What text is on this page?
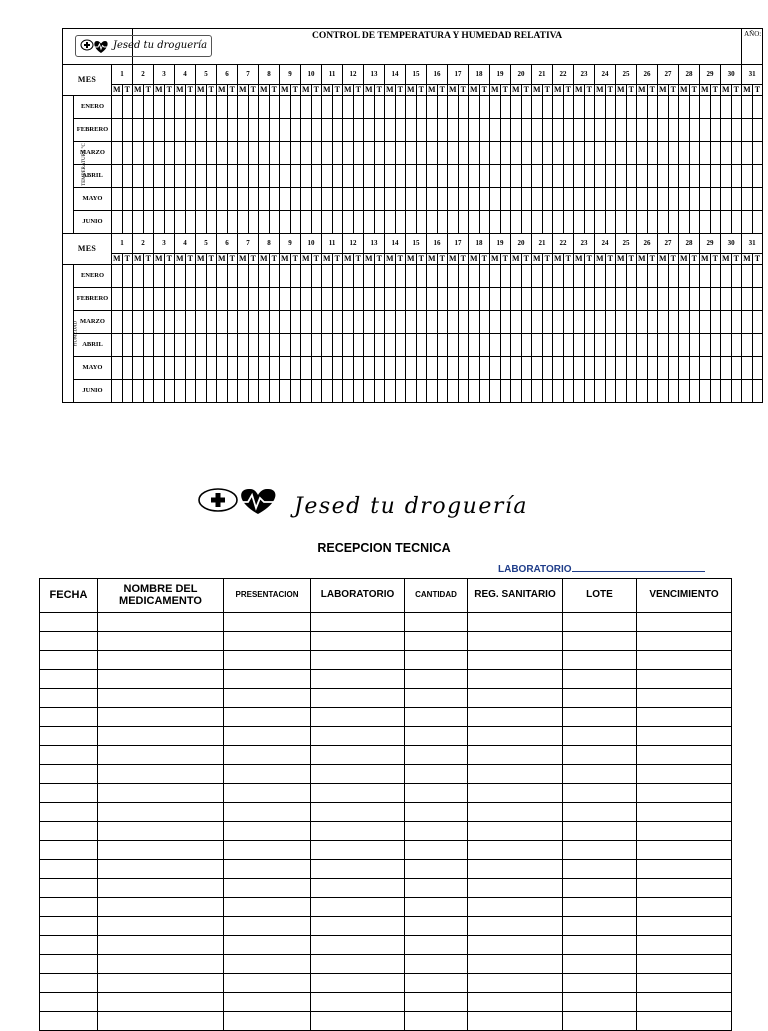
Jesed tu droguería				CONTROL DE TEMPERATURA Y HUMEDAD RELATIVA																																																										AÑO:	
MES		1		2		3		4		5		6		7		8		9		10		11		12		13		14		15		16		17		18		19		20		21		22		23		24		25		26		27		28		29		30		31	
		M	T	M	T	M	T	M	T	M	T	M	T	M	T	M	T	M	T	M	T	M	T	M	T	M	T	M	T	M	T	M	T	M	T	M	T	M	T	M	T	M	T	M	T	M	T	M	T	M	T	M	T	M	T	M	T	M	T	M	T	M	T
TEMPERATURA °C	ENERO																																																														
	FEBRERO																																																														
	MARZO																																																														
	ABRIL																																																														
	MAYO																																																														
	JUNIO																																																														
MES		1		2		3		4		5		6		7		8		9		10		11		12		13		14		15		16		17		18		19		20		21		22		23		24		25		26		27		28		29		30		31	
		M	T	M	T	M	T	M	T	M	T	M	T	M	T	M	T	M	T	M	T	M	T	M	T	M	T	M	T	M	T	M	T	M	T	M	T	M	T	M	T	M	T	M	T	M	T	M	T	M	T	M	T	M	T	M	T	M	T	M	T	M	T
HUMEDAD	ENERO																																																														
	FEBRERO																																																														
	MARZO																																																														
	ABRIL																																																														
	MAYO																																																														
	JUNIO																																																														
Jesed tu droguería
RECEPCION TECNICA
LABORATORIO
FECHA	NOMBRE DEL MEDICAMENTO	PRESENTACION	LABORATORIO	CANTIDAD	REG. SANITARIO	LOTE	VENCIMIENTO
